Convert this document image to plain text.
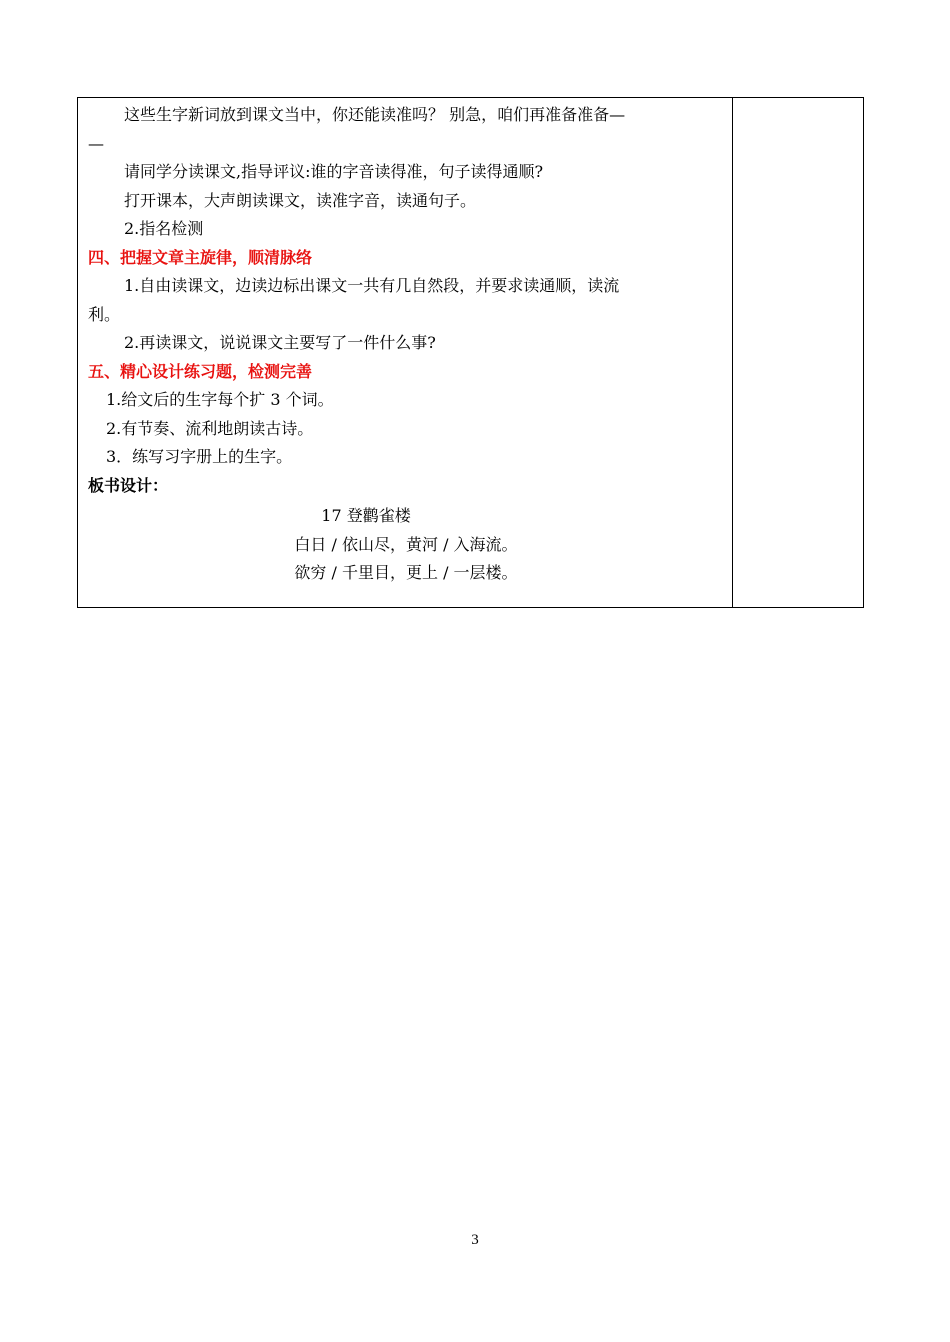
这些生字新词放到课文当中，你还能读准吗？ 别急，咱们再准备准备—
—
请同学分读课文,指导评议:谁的字音读得准，句子读得通顺?
打开课本，大声朗读课文，读准字音，读通句子。
2.指名检测
四、把握文章主旋律，顺清脉络
1.自由读课文，边读边标出课文一共有几自然段，并要求读通顺，读流
利。
2.再读课文，说说课文主要写了一件什么事?
五、精心设计练习题，检测完善
1.给文后的生字每个扩 3 个词。
2.有节奏、流利地朗读古诗。
3．练写习字册上的生字。
板书设计：
17 登鹳雀楼
白日 / 依山尽，黄河 / 入海流。
欲穷 / 千里目，更上 / 一层楼。
3
